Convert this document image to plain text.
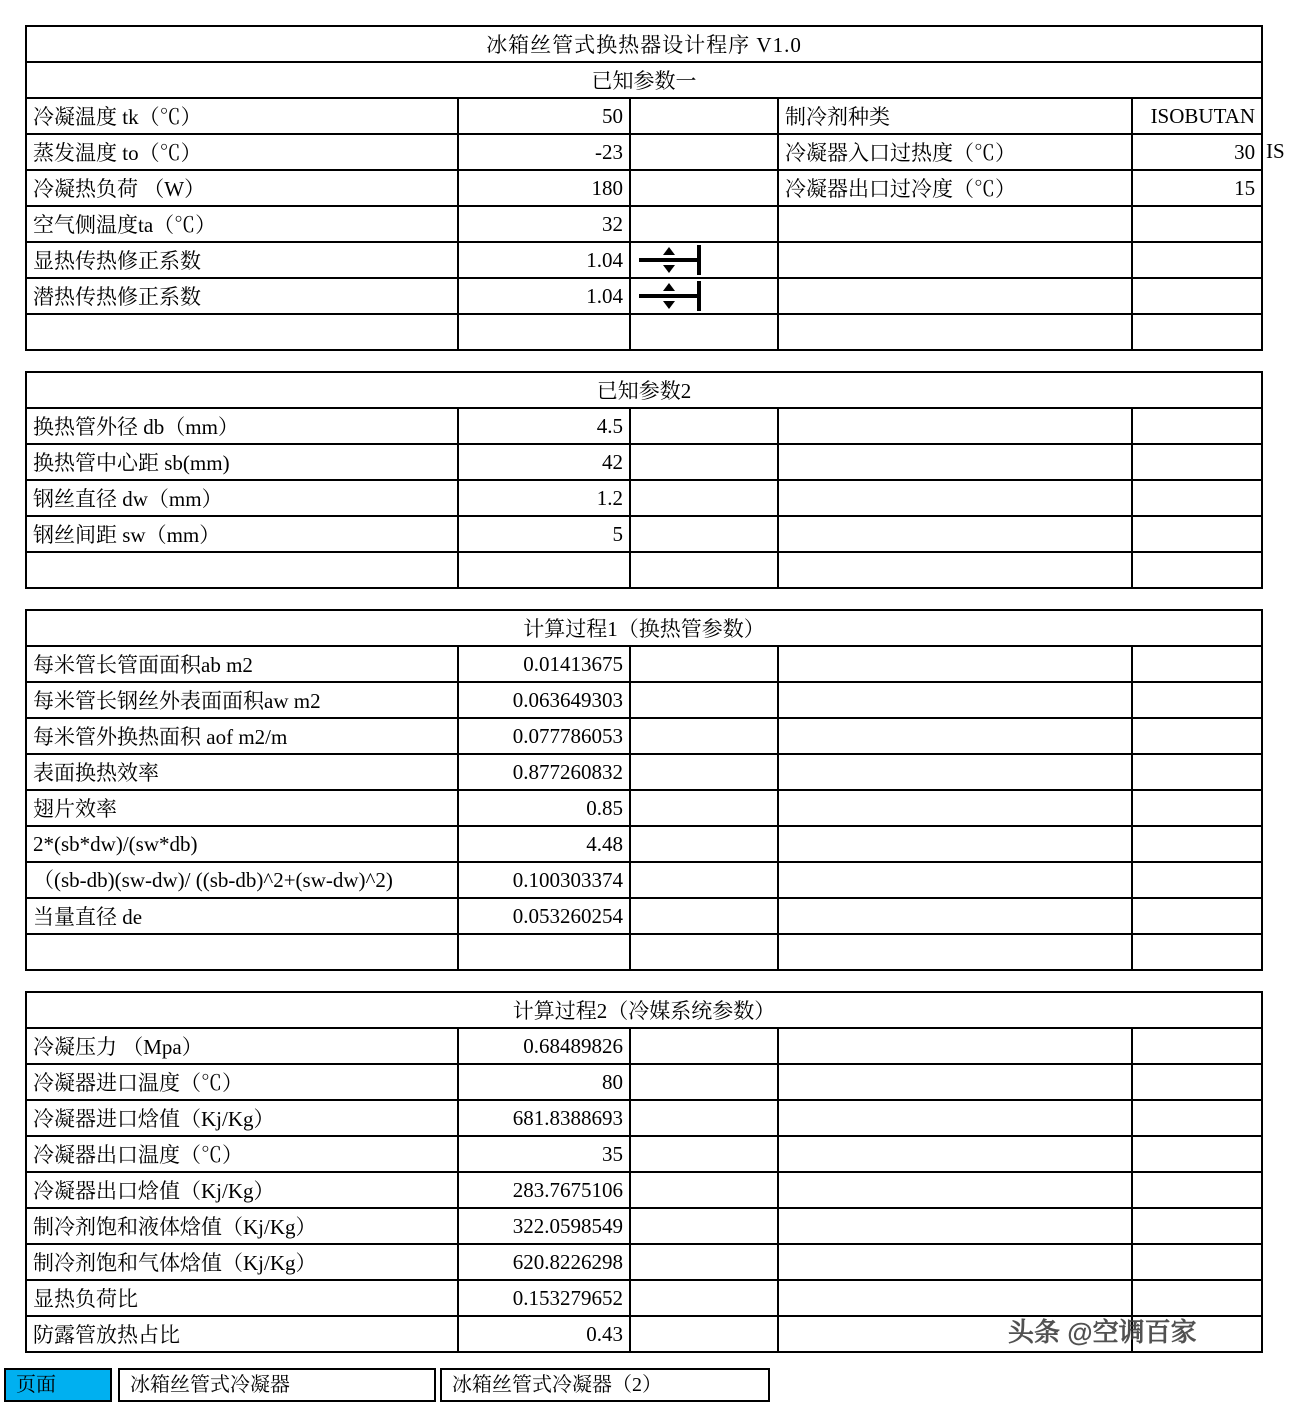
冰箱丝管式换热器设计程序 V1.0				
已知参数一				
冷凝温度 tk（℃）	50		制冷剂种类	ISOBUTAN
蒸发温度 to（℃）	-23		冷凝器入口过热度（℃）	30
冷凝热负荷 （W）	180		冷凝器出口过冷度（℃）	15
空气侧温度ta（℃）	32			
显热传热修正系数	1.04	

潜热传热修正系数	1.04	

已知参数2				
换热管外径 db（mm）	4.5			
换热管中心距 sb(mm)	42			
钢丝直径 dw（mm）	1.2			
钢丝间距 sw（mm）	5			

计算过程1（换热管参数）				
每米管长管面面积ab m2	0.01413675			
每米管长钢丝外表面面积aw m2	0.063649303			
每米管外换热面积 aof m2/m	0.077786053			
表面换热效率	0.877260832			
翅片效率	0.85			
2*(sb*dw)/(sw*db)	4.48			
（(sb-db)(sw-dw)/ ((sb-db)^2+(sw-dw)^2)	0.100303374			
当量直径 de	0.053260254			

计算过程2（冷媒系统参数）				
冷凝压力 （Mpa）	0.68489826			
冷凝器进口温度（℃）	80			
冷凝器进口焓值（Kj/Kg）	681.8388693			
冷凝器出口温度（℃）	35			
冷凝器出口焓值（Kj/Kg）	283.7675106			
制冷剂饱和液体焓值（Kj/Kg）	322.0598549			
制冷剂饱和气体焓值（Kj/Kg）	620.8226298			
显热负荷比	0.153279652			
防露管放热占比	0.43			
IS
头条 @空调百家
页面	冰箱丝管式冷凝器	冰箱丝管式冷凝器（2）
